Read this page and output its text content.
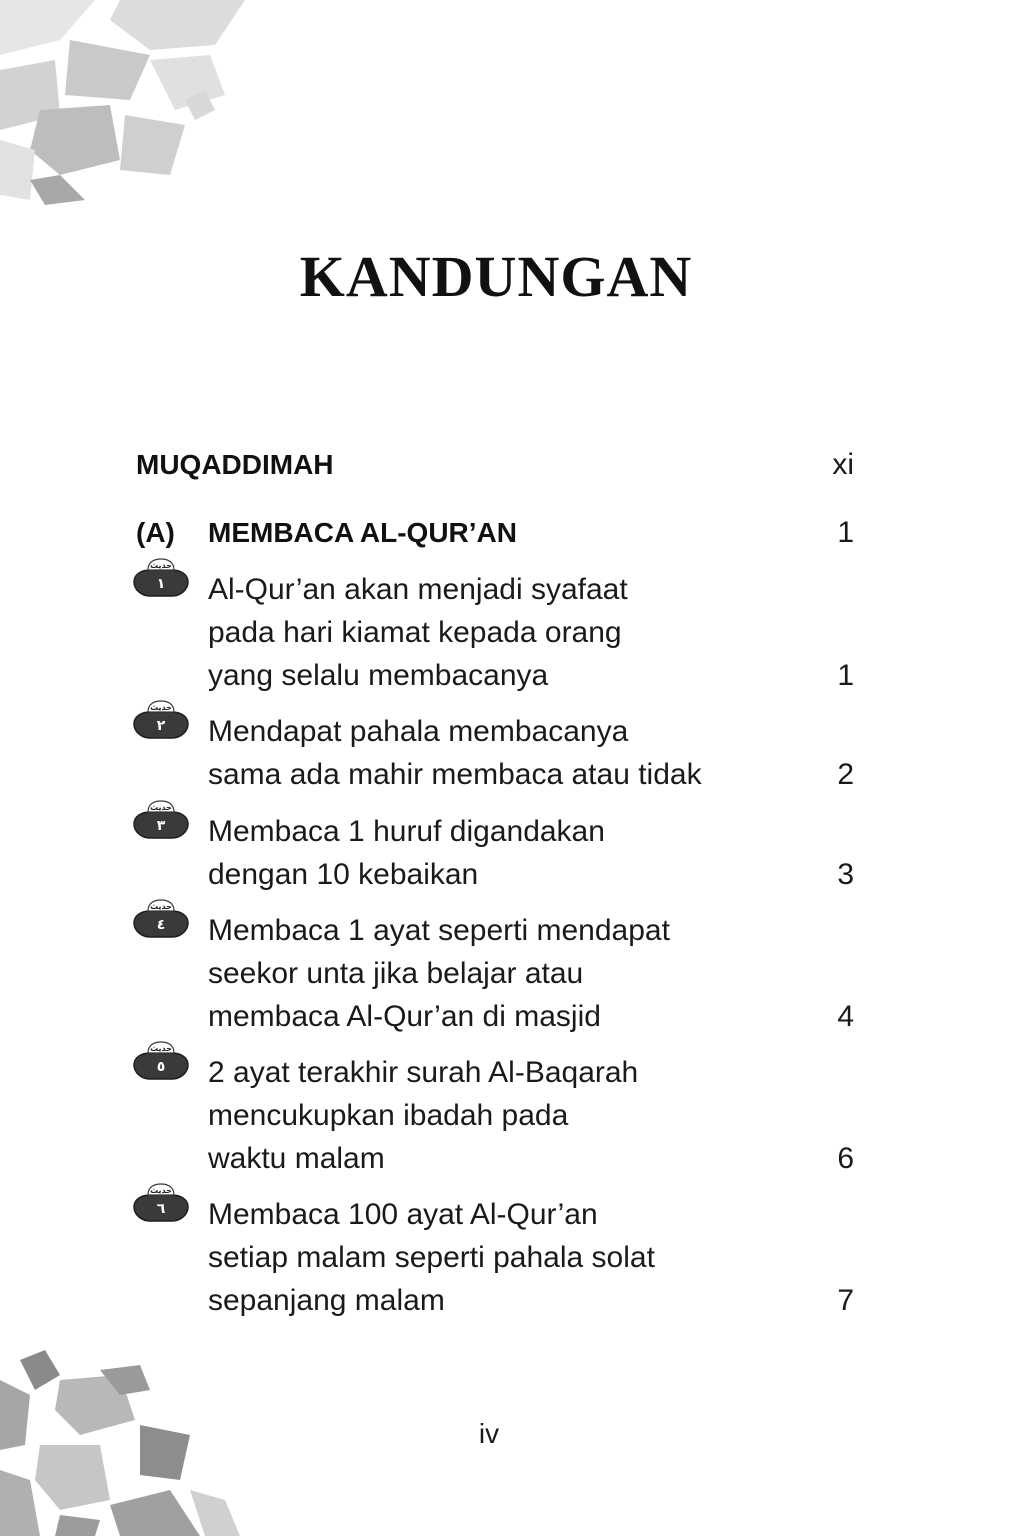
KANDUNGAN
MUQADDIMAH	xi
(A) MEMBACA AL-QUR’AN	1
حديث
١ Al-Qur’an akan menjadi syafaat
pada hari kiamat kepada orang
yang selalu membacanya	1
حديث
٢ Mendapat pahala membacanya
sama ada mahir membaca atau tidak	2
حديث
٣ Membaca 1 huruf digandakan
dengan 10 kebaikan	3
حديث
٤ Membaca 1 ayat seperti mendapat
seekor unta jika belajar atau
membaca Al-Qur’an di masjid	4
حديث
٥ 2 ayat terakhir surah Al-Baqarah
mencukupkan ibadah pada
waktu malam	6
حديث
٦ Membaca 100 ayat Al-Qur’an
setiap malam seperti pahala solat
sepanjang malam	7
iv
